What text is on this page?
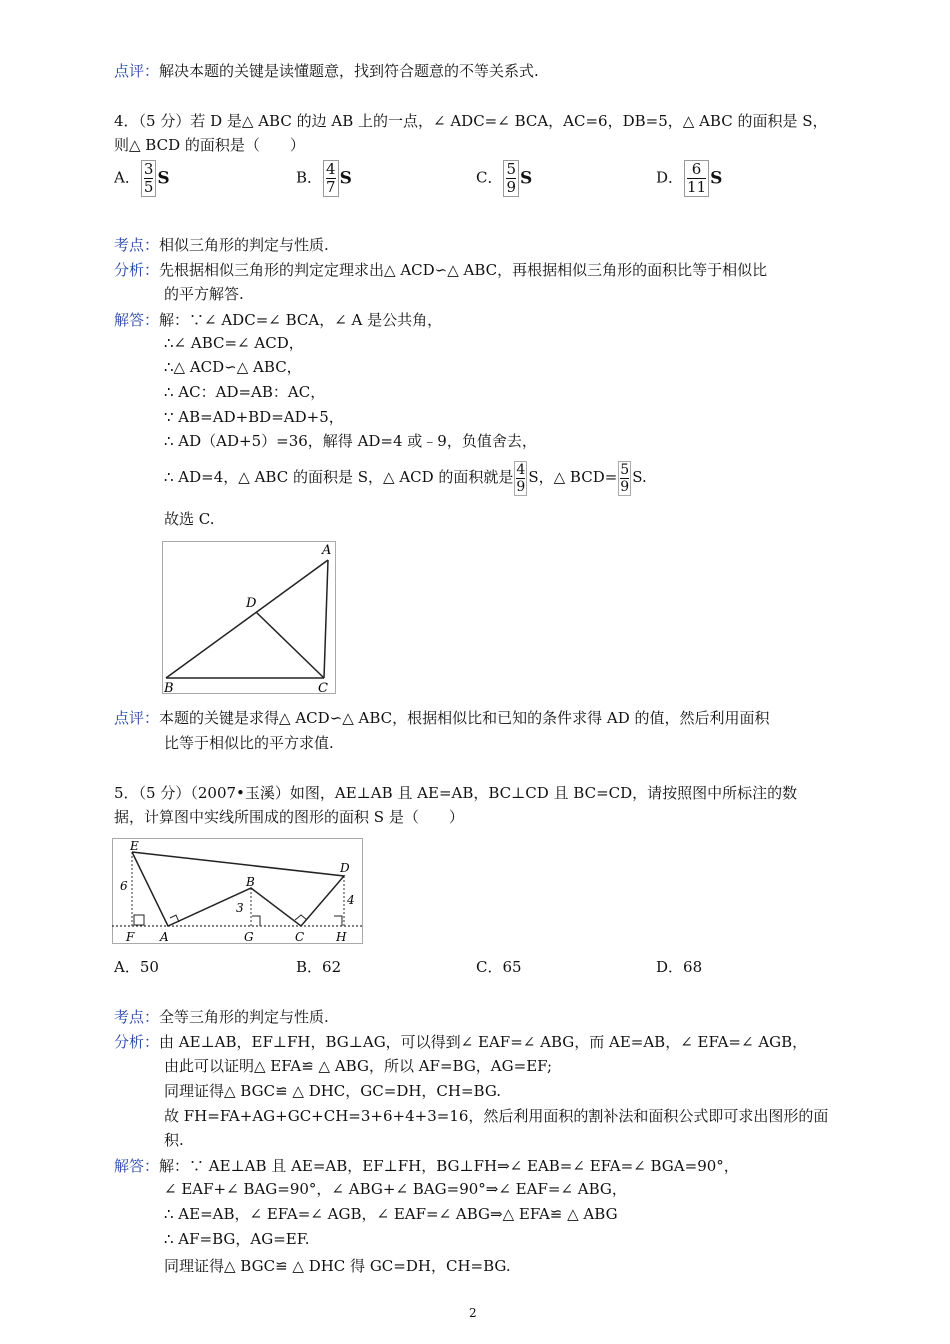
点评：解决本题的关键是读懂题意，找到符合题意的不等关系式.
4．（5 分）若 D 是△ ABC 的边 AB 上的一点，∠ ADC=∠ BCA，AC=6，DB=5，△ ABC 的面积是 S，
则△ BCD 的面积是（　　）
A． $\frac{3}{5}$ S	B． $\frac{4}{7}$ S	C． $\frac{5}{9}$ S	D． $\frac{6}{11}$ S
考点：相似三角形的判定与性质.
分析：先根据相似三角形的判定定理求出△ ACD∽△ ABC，再根据相似三角形的面积比等于相似比
的平方解答.
解答：解：∵∠ ADC=∠ BCA，∠ A 是公共角，
∴∠ ABC=∠ ACD，
∴△ ACD∽△ ABC，
∴ AC：AD=AB：AC，
∵ AB=AD+BD=AD+5，
∴ AD（AD+5）=36，解得 AD=4 或﹣9，负值舍去，
∴ AD=4，△ ABC 的面积是 S，△ ACD 的面积就是 $\frac{4}{9}$ S，△ $BCD= \frac{5}{9} S$.
故选 C.
A
D
B	C
点评：本题的关键是求得△ ACD∽△ ABC，根据相似比和已知的条件求得 AD 的值，然后利用面积
比等于相似比的平方求值.
5．（5 分）（2007•玉溪）如图，AE⊥AB 且 AE=AB，BC⊥CD 且 BC=CD，请按照图中所标注的数
据，计算图中实线所围成的图形的面积 S 是（　　）
E
D
B
F A	G	C	H
6
3
4
A．50	B．62	C．65	D．68
考点：全等三角形的判定与性质.
分析：由 AE⊥AB，EF⊥FH，BG⊥AG，可以得到∠ EAF=∠ ABG，而 AE=AB，∠ EFA=∠ AGB，
由此可以证明△ EFA≌ △ ABG，所以 AF=BG，AG=EF;
同理证得△ BGC≌ △ DHC，GC=DH，CH=BG.
故 FH=FA+AG+GC+CH=3+6+4+3=16，然后利用面积的割补法和面积公式即可求出图形的面
积.
解答：解：∵ AE⊥AB 且 AE=AB，EF⊥FH，BG⊥FH⇒∠ EAB=∠ EFA=∠ BGA=90°，
∠ EAF+∠ BAG=90°，∠ ABG+∠ BAG=90°⇒∠ EAF=∠ ABG，
∴ AE=AB，∠ EFA=∠ AGB，∠ EAF=∠ ABG⇒△ EFA≌ △ ABG
∴ AF=BG，AG=EF.
同理证得△ BGC≌ △ DHC 得 GC=DH，CH=BG.
2
